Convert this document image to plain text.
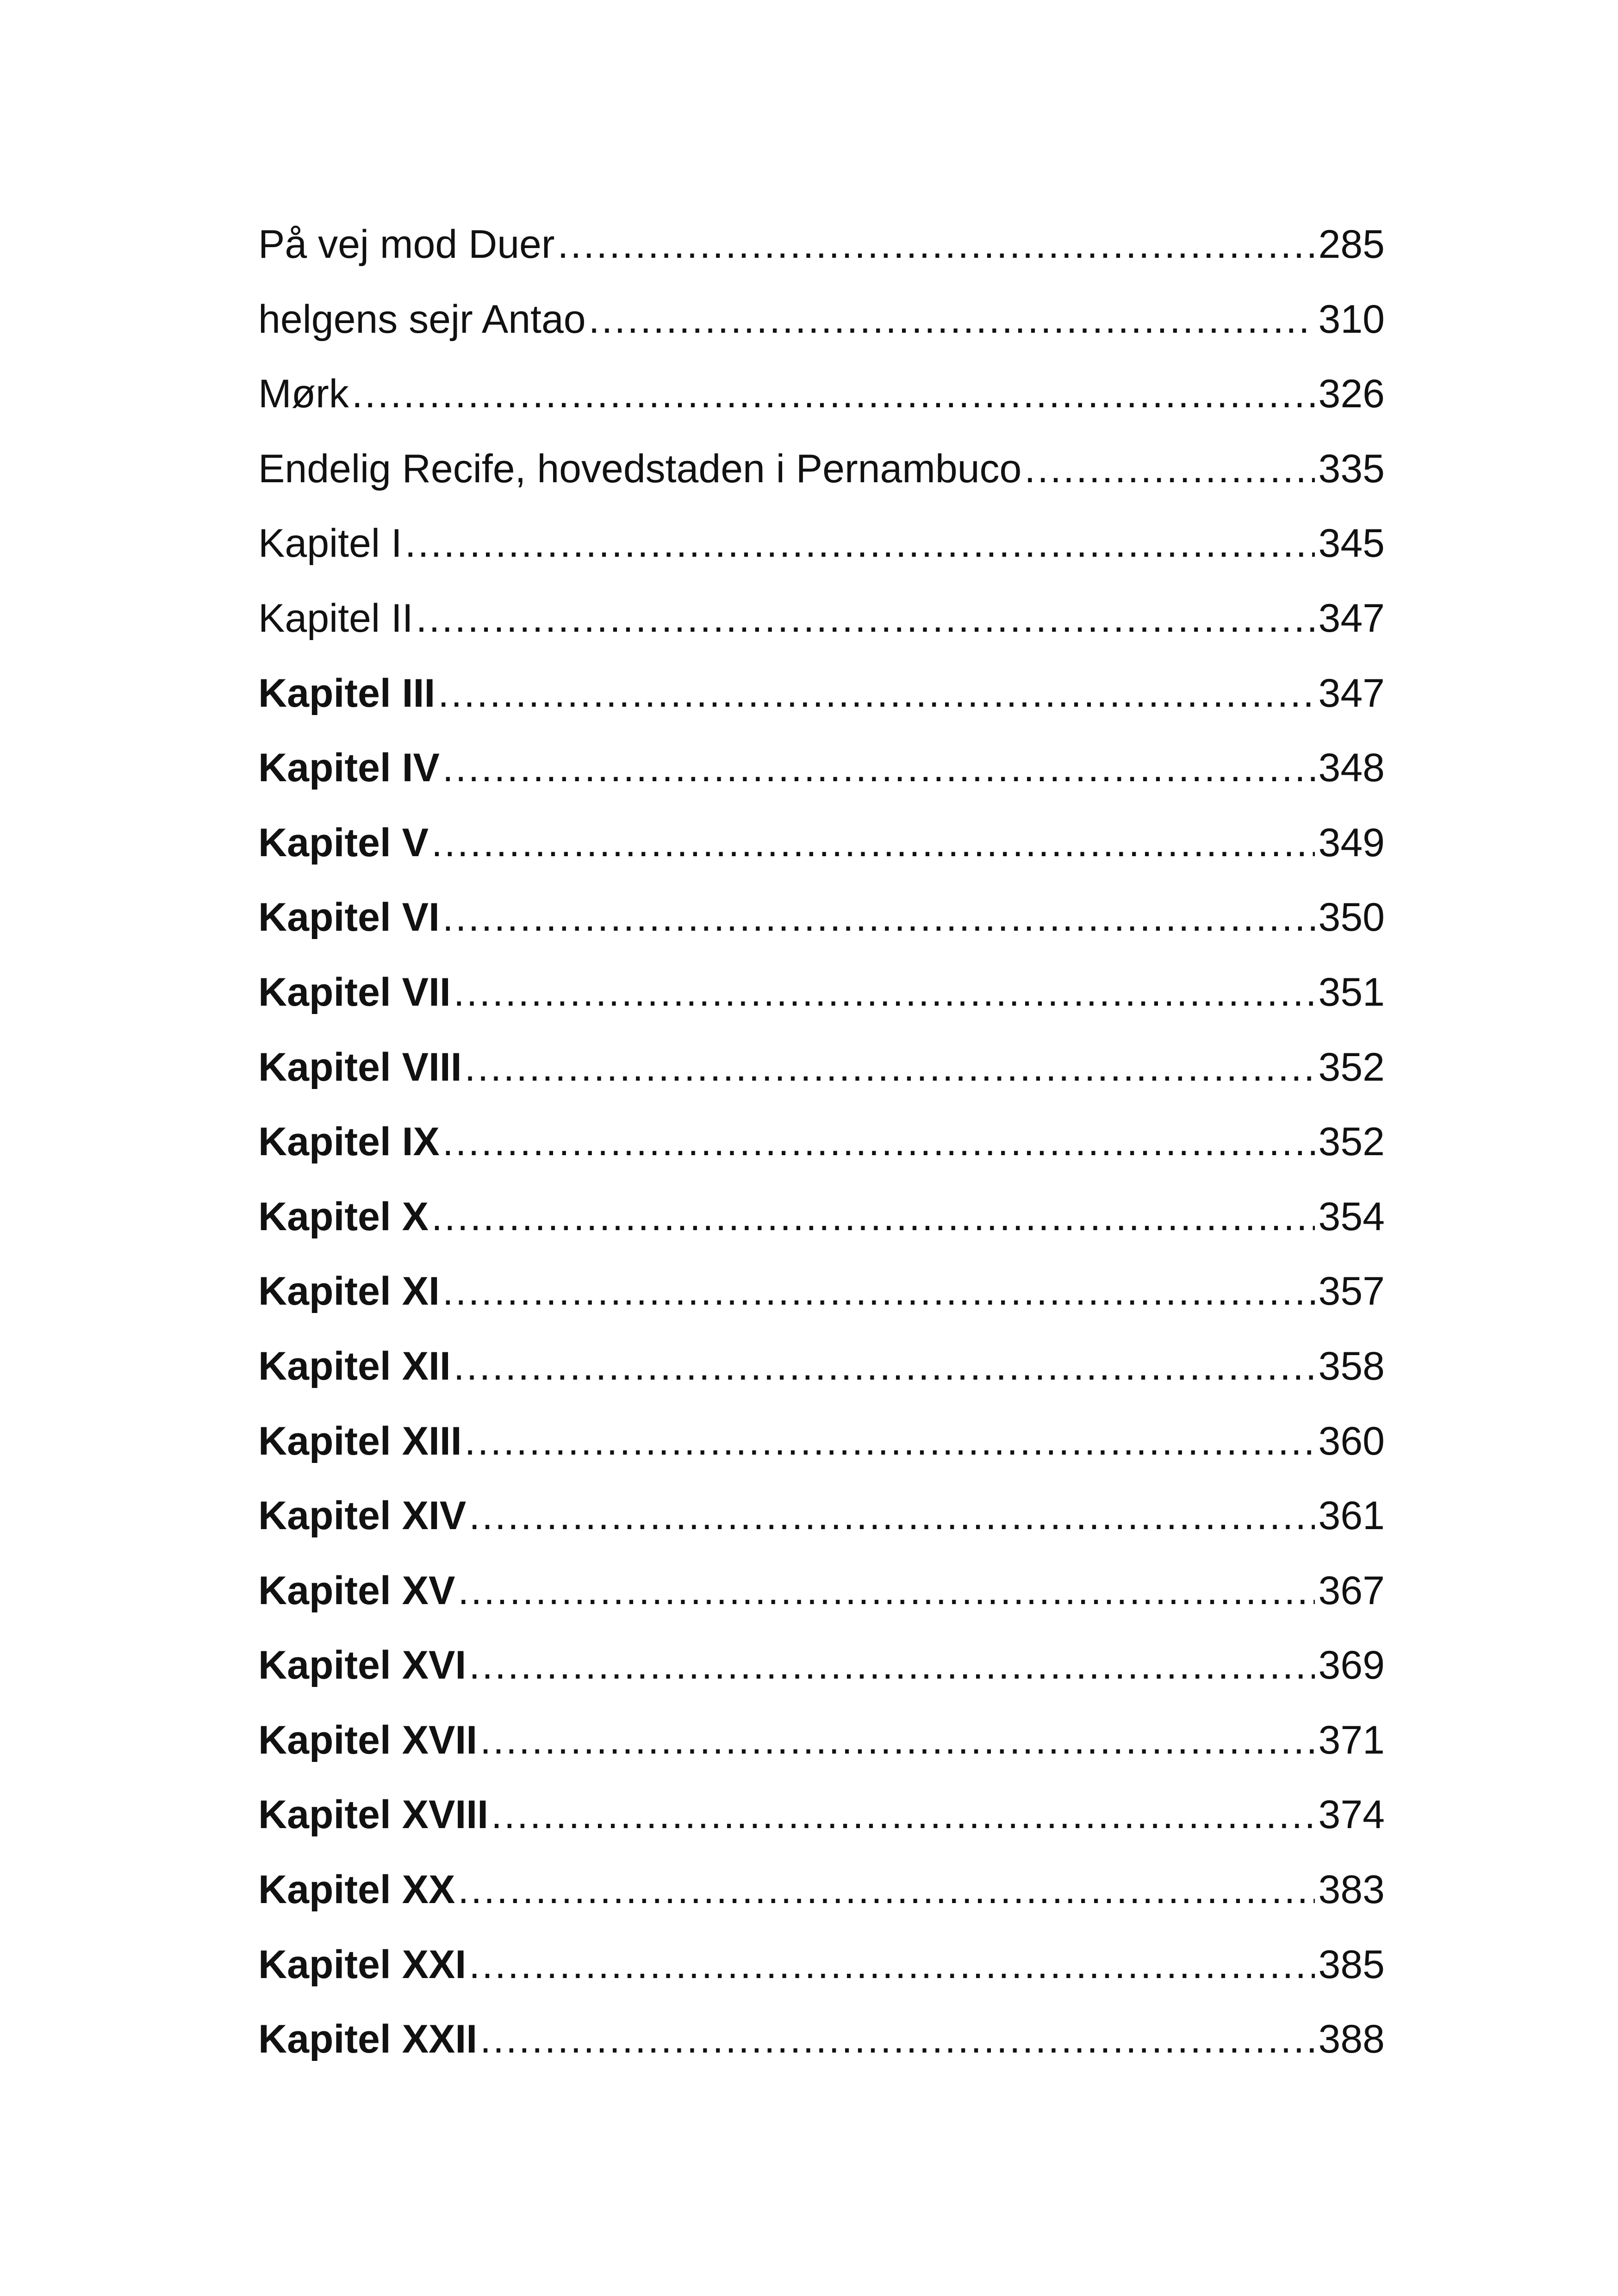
På vej mod Duer .....	285
helgens sejr Antao .....	310
Mørk .....	326
Endelig Recife, hovedstaden i Pernambuco .....	335
Kapitel I .....	345
Kapitel II .....	347
Kapitel III .....	347
Kapitel IV .....	348
Kapitel V .....	349
Kapitel VI .....	350
Kapitel VII .....	351
Kapitel VIII .....	352
Kapitel IX .....	352
Kapitel X .....	354
Kapitel XI .....	357
Kapitel XII .....	358
Kapitel XIII .....	360
Kapitel XIV .....	361
Kapitel XV .....	367
Kapitel XVI .....	369
Kapitel XVII .....	371
Kapitel XVIII .....	374
Kapitel XX .....	383
Kapitel XXI .....	385
Kapitel XXII .....	388
